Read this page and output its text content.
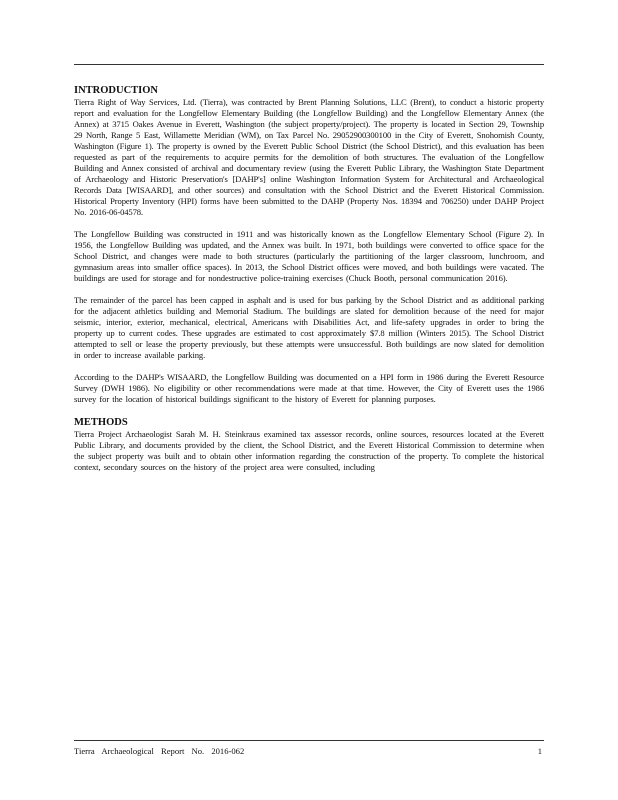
INTRODUCTION

Tierra Right of Way Services, Ltd. (Tierra), was contracted by Brent Planning Solutions, LLC (Brent), to conduct a historic property report and evaluation for the Longfellow Elementary Building (the Longfellow Building) and the Longfellow Elementary Annex (the Annex) at 3715 Oakes Avenue in Everett, Washington (the subject property/project). The property is located in Section 29, Township 29 North, Range 5 East, Willamette Meridian (WM), on Tax Parcel No. 29052900300100 in the City of Everett, Snohomish County, Washington (Figure 1). The property is owned by the Everett Public School District (the School District), and this evaluation has been requested as part of the requirements to acquire permits for the demolition of both structures. The evaluation of the Longfellow Building and Annex consisted of archival and documentary review (using the Everett Public Library, the Washington State Department of Archaeology and Historic Preservation's [DAHP's] online Washington Information System for Architectural and Archaeological Records Data [WISAARD], and other sources) and consultation with the School District and the Everett Historical Commission. Historical Property Inventory (HPI) forms have been submitted to the DAHP (Property Nos. 18394 and 706250) under DAHP Project No. 2016-06-04578.

The Longfellow Building was constructed in 1911 and was historically known as the Longfellow Elementary School (Figure 2). In 1956, the Longfellow Building was updated, and the Annex was built. In 1971, both buildings were converted to office space for the School District, and changes were made to both structures (particularly the partitioning of the larger classroom, lunchroom, and gymnasium areas into smaller office spaces). In 2013, the School District offices were moved, and both buildings were vacated. The buildings are used for storage and for nondestructive police-training exercises (Chuck Booth, personal communication 2016).

The remainder of the parcel has been capped in asphalt and is used for bus parking by the School District and as additional parking for the adjacent athletics building and Memorial Stadium. The buildings are slated for demolition because of the need for major seismic, interior, exterior, mechanical, electrical, Americans with Disabilities Act, and life-safety upgrades in order to bring the property up to current codes. These upgrades are estimated to cost approximately $7.8 million (Winters 2015). The School District attempted to sell or lease the property previously, but these attempts were unsuccessful. Both buildings are now slated for demolition in order to increase available parking.

According to the DAHP's WISAARD, the Longfellow Building was documented on a HPI form in 1986 during the Everett Resource Survey (DWH 1986). No eligibility or other recommendations were made at that time. However, the City of Everett uses the 1986 survey for the location of historical buildings significant to the history of Everett for planning purposes.

METHODS

Tierra Project Archaeologist Sarah M. H. Steinkraus examined tax assessor records, online sources, resources located at the Everett Public Library, and documents provided by the client, the School District, and the Everett Historical Commission to determine when the subject property was built and to obtain other information regarding the construction of the property. To complete the historical context, secondary sources on the history of the project area were consulted, including

Tierra Archaeological Report No. 2016-062	1
